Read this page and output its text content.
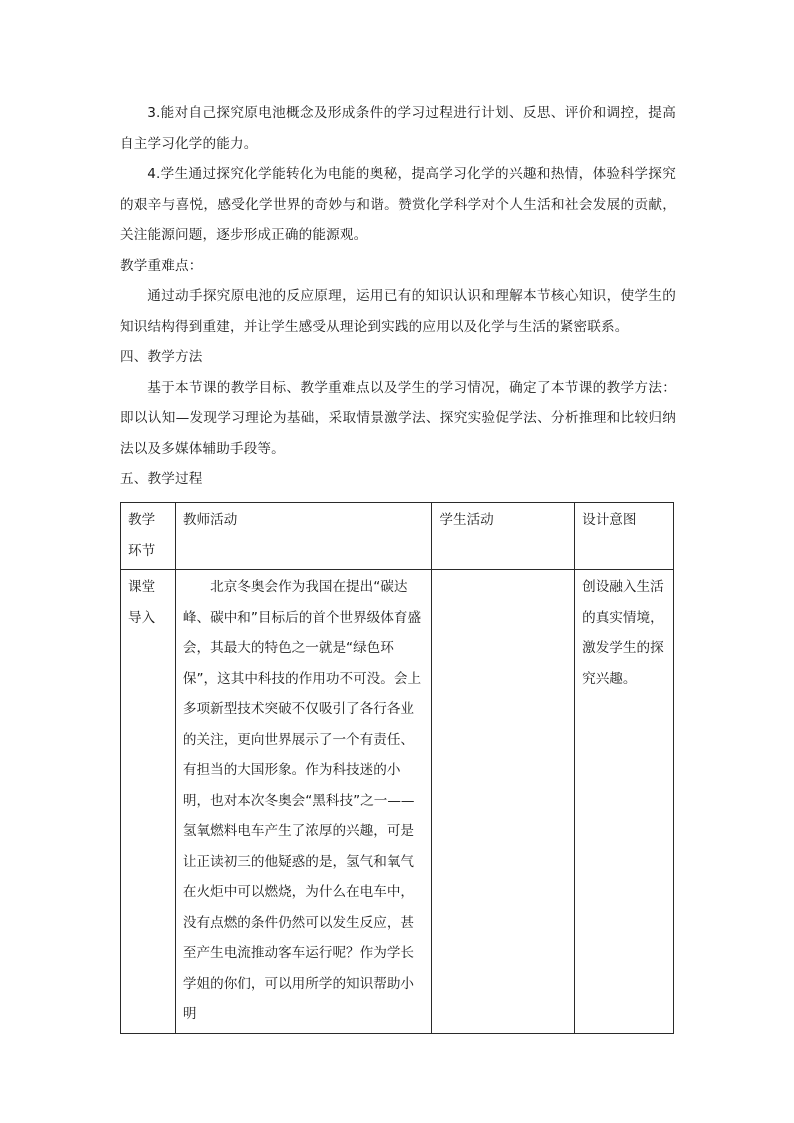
3.能对自己探究原电池概念及形成条件的学习过程进行计划、反思、评价和调控，提高自主学习化学的能力。

4.学生通过探究化学能转化为电能的奥秘，提高学习化学的兴趣和热情，体验科学探究的艰辛与喜悦，感受化学世界的奇妙与和谐。赞赏化学科学对个人生活和社会发展的贡献，关注能源问题，逐步形成正确的能源观。

教学重难点：

通过动手探究原电池的反应原理，运用已有的知识认识和理解本节核心知识，使学生的知识结构得到重建，并让学生感受从理论到实践的应用以及化学与生活的紧密联系。

四、教学方法

基于本节课的教学目标、教学重难点以及学生的学习情况，确定了本节课的教学方法：即以认知—发现学习理论为基础，采取情景激学法、探究实验促学法、分析推理和比较归纳法以及多媒体辅助手段等。

五、教学过程

教学环节	教师活动	学生活动	设计意图
课堂导入	北京冬奥会作为我国在提出“碳达峰、碳中和”目标后的首个世界级体育盛会，其最大的特色之一就是“绿色环保”，这其中科技的作用功不可没。会上多项新型技术突破不仅吸引了各行各业的关注，更向世界展示了一个有责任、有担当的大国形象。作为科技迷的小明，也对本次冬奥会“黑科技”之一——氢氧燃料电车产生了浓厚的兴趣，可是让正读初三的他疑惑的是，氢气和氧气在火炬中可以燃烧，为什么在电车中，没有点燃的条件仍然可以发生反应，甚至产生电流推动客车运行呢？作为学长学姐的你们，可以用所学的知识帮助小明		创设融入生活的真实情境，激发学生的探究兴趣。
